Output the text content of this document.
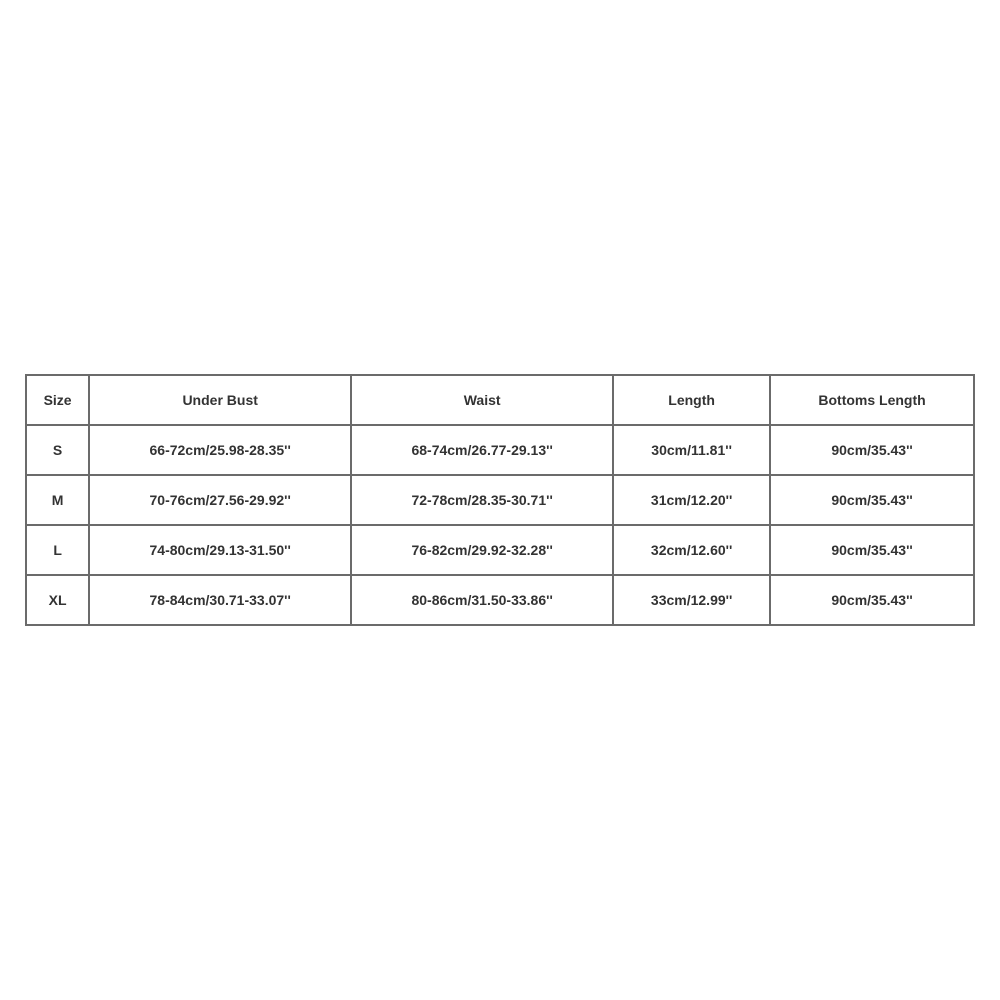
Size	Under Bust	Waist	Length	Bottoms Length
S	66-72cm/25.98-28.35''	68-74cm/26.77-29.13''	30cm/11.81''	90cm/35.43''
M	70-76cm/27.56-29.92''	72-78cm/28.35-30.71''	31cm/12.20''	90cm/35.43''
L	74-80cm/29.13-31.50''	76-82cm/29.92-32.28''	32cm/12.60''	90cm/35.43''
XL	78-84cm/30.71-33.07''	80-86cm/31.50-33.86''	33cm/12.99''	90cm/35.43''
